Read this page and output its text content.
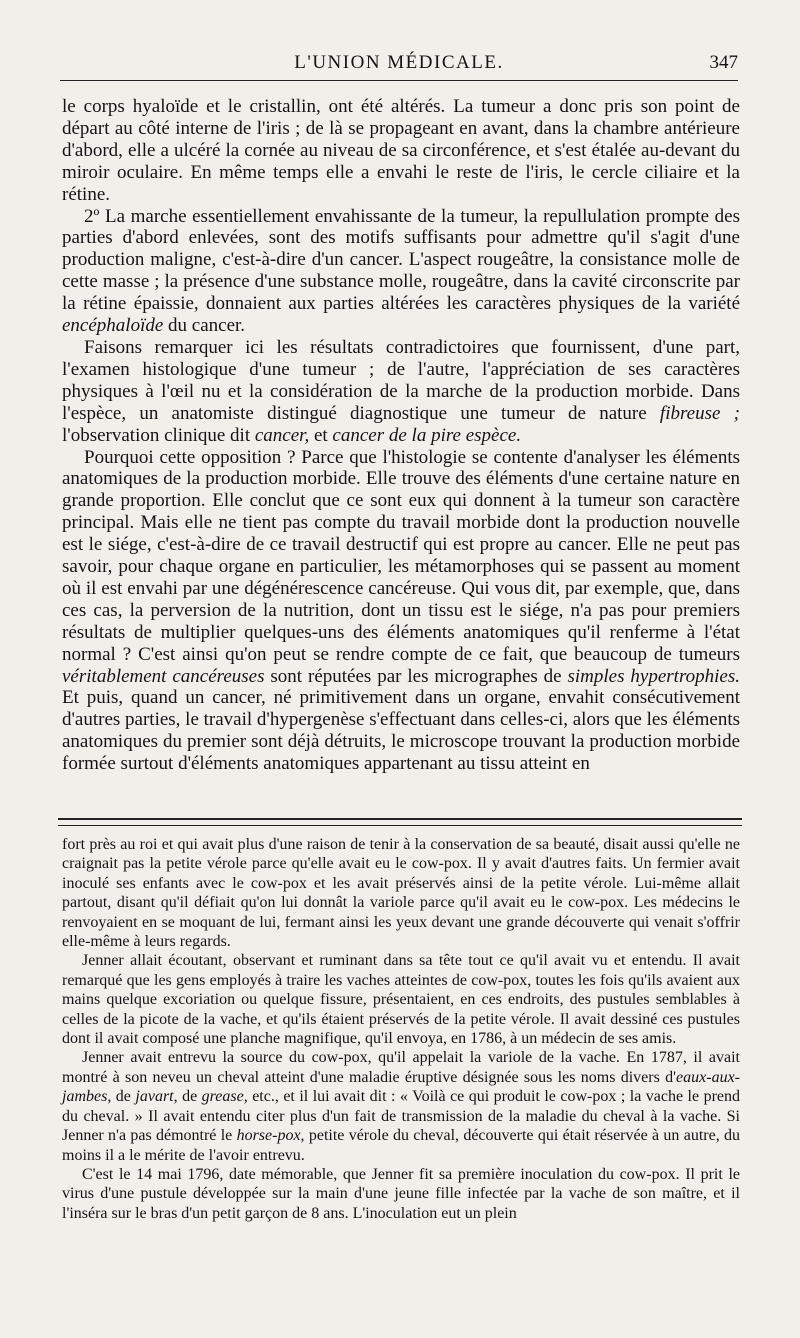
L'UNION MÉDICALE.	347

le corps hyaloïde et le cristallin, ont été altérés. La tumeur a donc pris son point de départ au côté interne de l'iris ; de là se propageant en avant, dans la chambre antérieure d'abord, elle a ulcéré la cornée au niveau de sa circonférence, et s'est étalée au-devant du miroir oculaire. En même temps elle a envahi le reste de l'iris, le cercle ciliaire et la rétine.

2º La marche essentiellement envahissante de la tumeur, la repullulation prompte des parties d'abord enlevées, sont des motifs suffisants pour admettre qu'il s'agit d'une production maligne, c'est-à-dire d'un cancer. L'aspect rougeâtre, la consistance molle de cette masse ; la présence d'une substance molle, rougeâtre, dans la cavité circonscrite par la rétine épaissie, donnaient aux parties altérées les caractères physiques de la variété encéphaloïde du cancer.

Faisons remarquer ici les résultats contradictoires que fournissent, d'une part, l'examen histologique d'une tumeur ; de l'autre, l'appréciation de ses caractères physiques à l'œil nu et la considération de la marche de la production morbide. Dans l'espèce, un anatomiste distingué diagnostique une tumeur de nature fibreuse ; l'observation clinique dit cancer, et cancer de la pire espèce.

Pourquoi cette opposition ? Parce que l'histologie se contente d'analyser les éléments anatomiques de la production morbide. Elle trouve des éléments d'une certaine nature en grande proportion. Elle conclut que ce sont eux qui donnent à la tumeur son caractère principal. Mais elle ne tient pas compte du travail morbide dont la production nouvelle est le siége, c'est-à-dire de ce travail destructif qui est propre au cancer. Elle ne peut pas savoir, pour chaque organe en particulier, les métamorphoses qui se passent au moment où il est envahi par une dégénérescence cancéreuse. Qui vous dit, par exemple, que, dans ces cas, la perversion de la nutrition, dont un tissu est le siége, n'a pas pour premiers résultats de multiplier quelques-uns des éléments anatomiques qu'il renferme à l'état normal ? C'est ainsi qu'on peut se rendre compte de ce fait, que beaucoup de tumeurs véritablement cancéreuses sont réputées par les micrographes de simples hypertrophies. Et puis, quand un cancer, né primitivement dans un organe, envahit consécutivement d'autres parties, le travail d'hypergenèse s'effectuant dans celles-ci, alors que les éléments anatomiques du premier sont déjà détruits, le microscope trouvant la production morbide formée surtout d'éléments anatomiques appartenant au tissu atteint en

fort près au roi et qui avait plus d'une raison de tenir à la conservation de sa beauté, disait aussi qu'elle ne craignait pas la petite vérole parce qu'elle avait eu le cow-pox. Il y avait d'autres faits. Un fermier avait inoculé ses enfants avec le cow-pox et les avait préservés ainsi de la petite vérole. Lui-même allait partout, disant qu'il défiait qu'on lui donnât la variole parce qu'il avait eu le cow-pox. Les médecins le renvoyaient en se moquant de lui, fermant ainsi les yeux devant une grande découverte qui venait s'offrir elle-même à leurs regards.

Jenner allait écoutant, observant et ruminant dans sa tête tout ce qu'il avait vu et entendu. Il avait remarqué que les gens employés à traire les vaches atteintes de cow-pox, toutes les fois qu'ils avaient aux mains quelque excoriation ou quelque fissure, présentaient, en ces endroits, des pustules semblables à celles de la picote de la vache, et qu'ils étaient préservés de la petite vérole. Il avait dessiné ces pustules dont il avait composé une planche magnifique, qu'il envoya, en 1786, à un médecin de ses amis.

Jenner avait entrevu la source du cow-pox, qu'il appelait la variole de la vache. En 1787, il avait montré à son neveu un cheval atteint d'une maladie éruptive désignée sous les noms divers d'eaux-aux-jambes, de javart, de grease, etc., et il lui avait dit : « Voilà ce qui produit le cow-pox ; la vache le prend du cheval. » Il avait entendu citer plus d'un fait de transmission de la maladie du cheval à la vache. Si Jenner n'a pas démontré le horse-pox, petite vérole du cheval, découverte qui était réservée à un autre, du moins il a le mérite de l'avoir entrevu.

C'est le 14 mai 1796, date mémorable, que Jenner fit sa première inoculation du cow-pox. Il prit le virus d'une pustule développée sur la main d'une jeune fille infectée par la vache de son maître, et il l'inséra sur le bras d'un petit garçon de 8 ans. L'inoculation eut un plein
